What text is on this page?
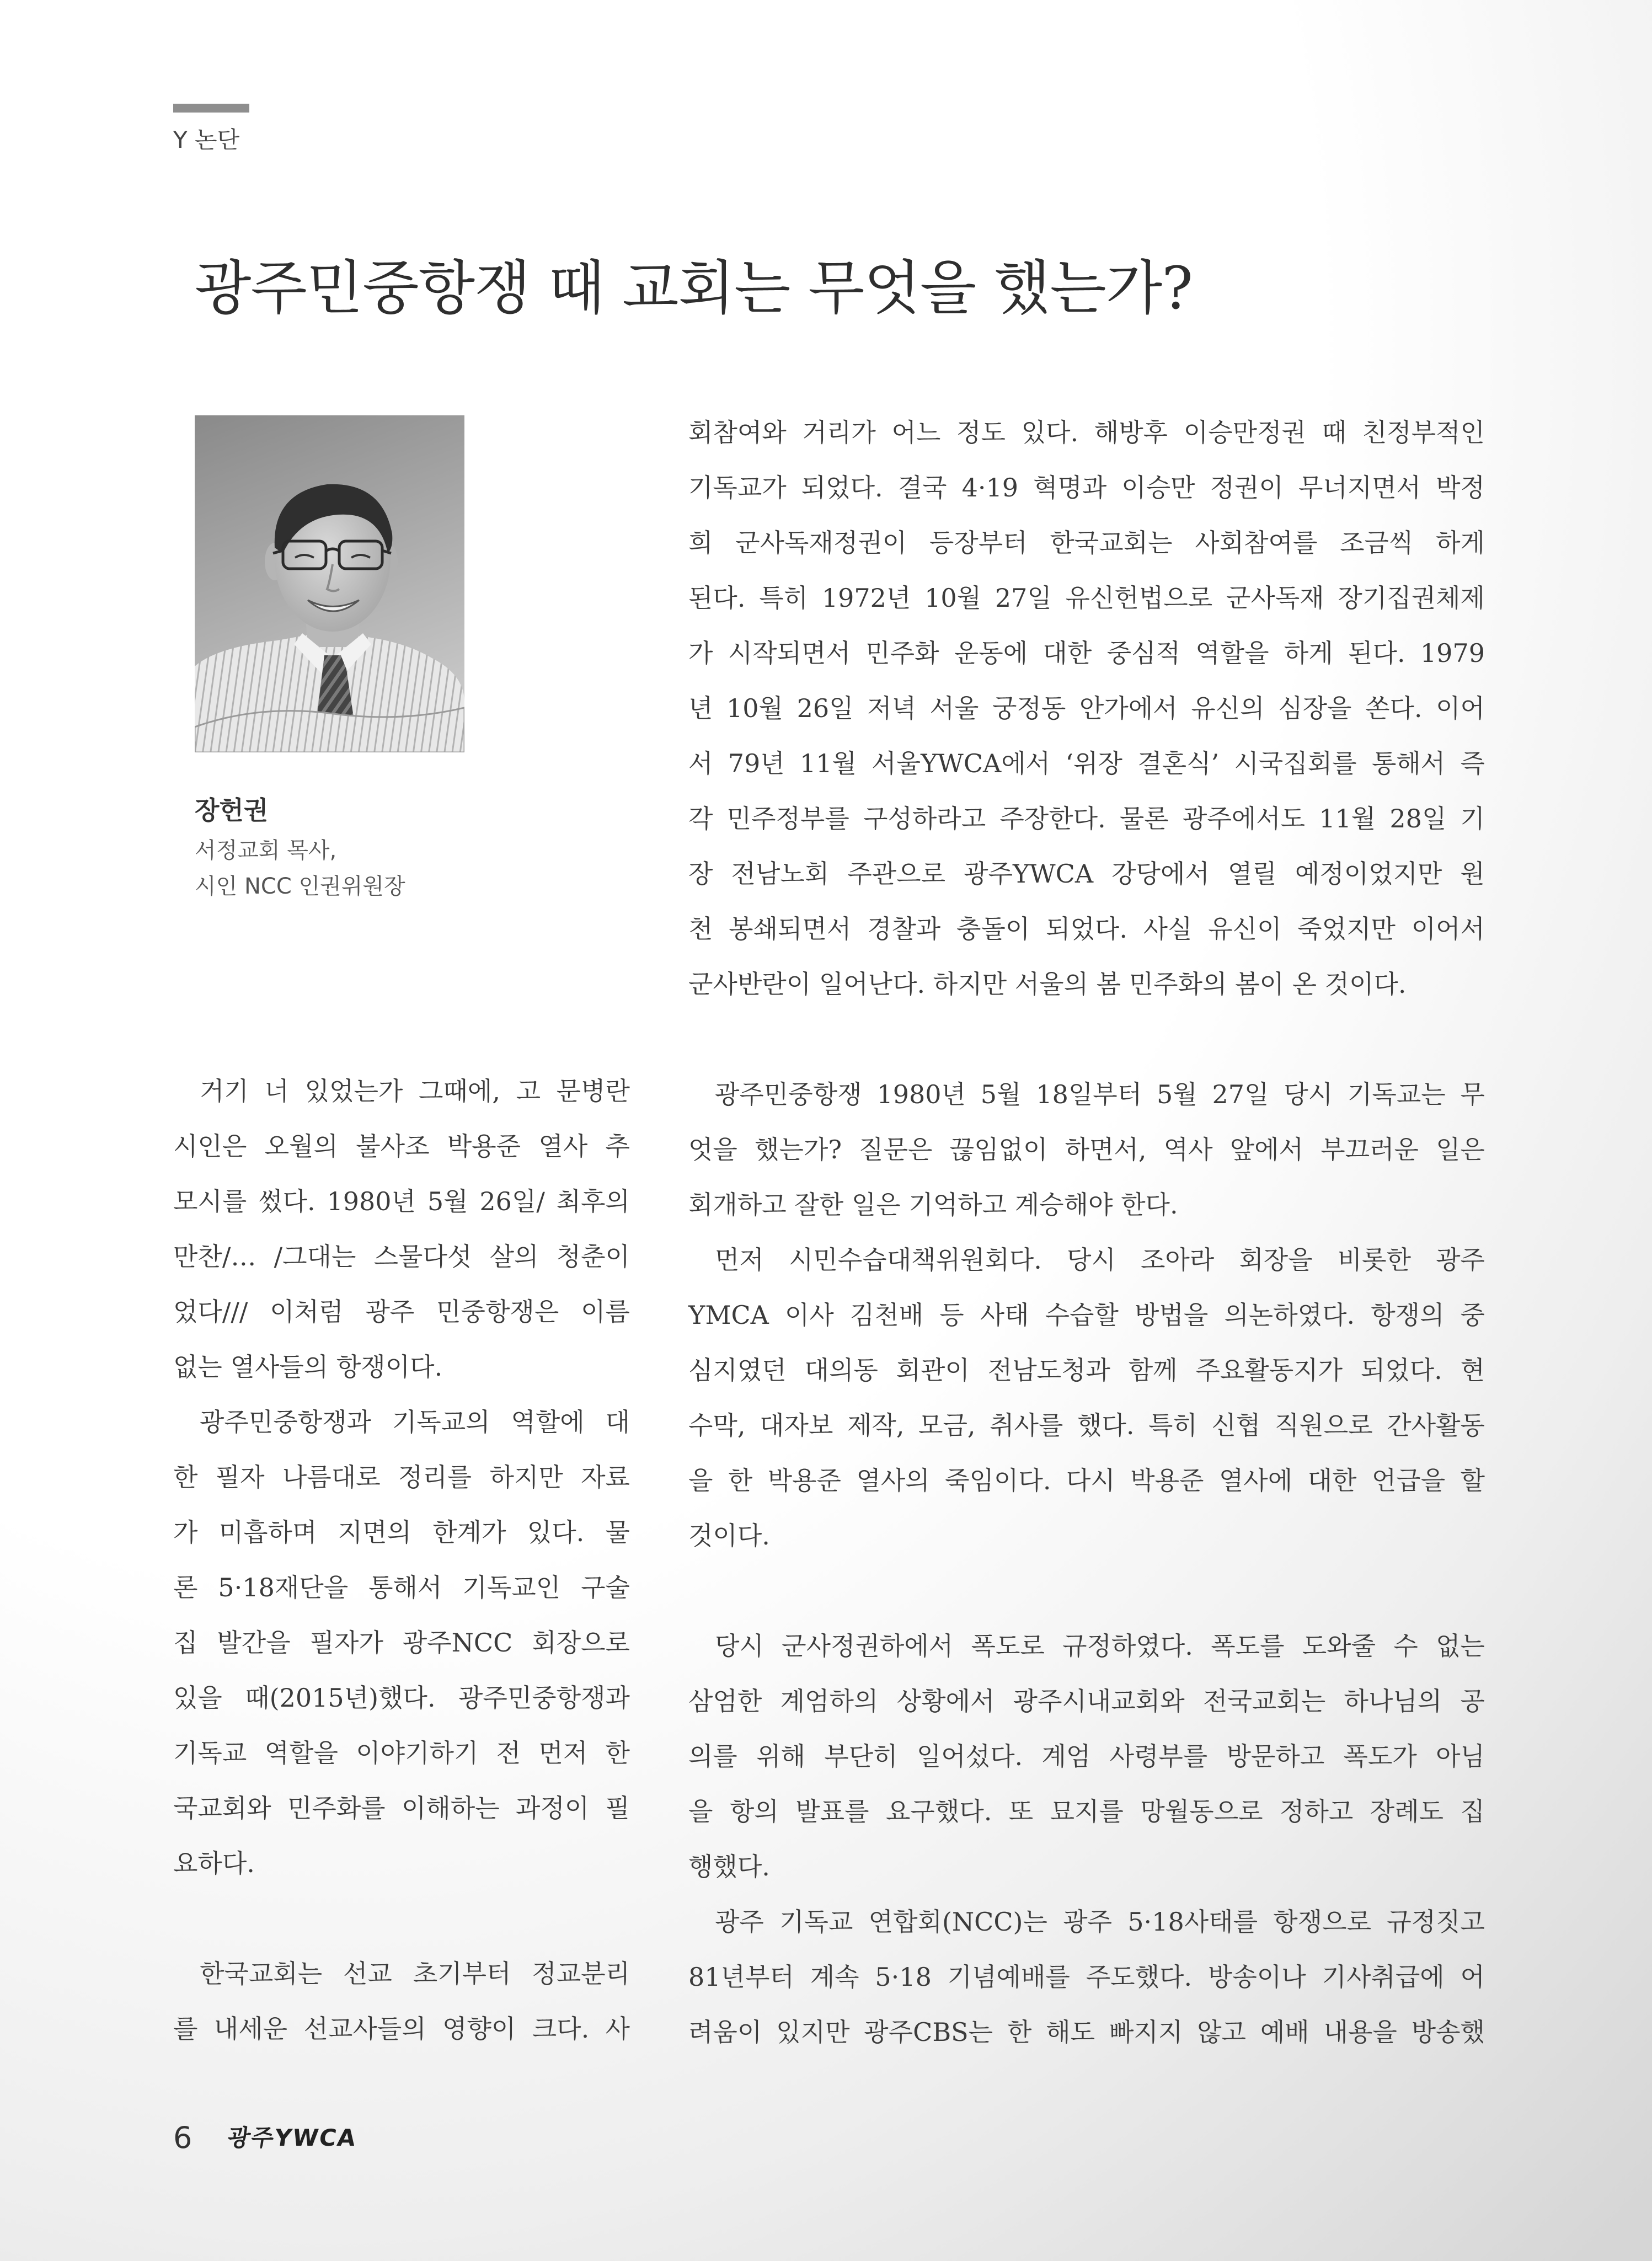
Y 논단
광주민중항쟁 때 교회는 무엇을 했는가?
장헌권
서정교회 목사,
시인 NCC 인권위원장
거기 너 있었는가 그때에, 고 문병란
시인은 오월의 불사조 박용준 열사 추
모시를 썼다. 1980년 5월 26일/ 최후의
만찬/… /그대는 스물다섯 살의 청춘이
었다/// 이처럼 광주 민중항쟁은 이름
없는 열사들의 항쟁이다.
광주민중항쟁과 기독교의 역할에 대
한 필자 나름대로 정리를 하지만 자료
가 미흡하며 지면의 한계가 있다. 물
론 5·18재단을 통해서 기독교인 구술
집 발간을 필자가 광주NCC 회장으로
있을 때(2015년)했다. 광주민중항쟁과
기독교 역할을 이야기하기 전 먼저 한
국교회와 민주화를 이해하는 과정이 필
요하다.
한국교회는 선교 초기부터 정교분리
를 내세운 선교사들의 영향이 크다. 사
회참여와 거리가 어느 정도 있다. 해방후 이승만정권 때 친정부적인
기독교가 되었다. 결국 4·19 혁명과 이승만 정권이 무너지면서 박정
희 군사독재정권이 등장부터 한국교회는 사회참여를 조금씩 하게
된다. 특히 1972년 10월 27일 유신헌법으로 군사독재 장기집권체제
가 시작되면서 민주화 운동에 대한 중심적 역할을 하게 된다. 1979
년 10월 26일 저녁 서울 궁정동 안가에서 유신의 심장을 쏜다. 이어
서 79년 11월 서울YWCA에서 ‘위장 결혼식’ 시국집회를 통해서 즉
각 민주정부를 구성하라고 주장한다. 물론 광주에서도 11월 28일 기
장 전남노회 주관으로 광주YWCA 강당에서 열릴 예정이었지만 원
천 봉쇄되면서 경찰과 충돌이 되었다. 사실 유신이 죽었지만 이어서
군사반란이 일어난다. 하지만 서울의 봄 민주화의 봄이 온 것이다.
광주민중항쟁 1980년 5월 18일부터 5월 27일 당시 기독교는 무
엇을 했는가? 질문은 끊임없이 하면서, 역사 앞에서 부끄러운 일은
회개하고 잘한 일은 기억하고 계승해야 한다.
먼저 시민수습대책위원회다. 당시 조아라 회장을 비롯한 광주
YMCA 이사 김천배 등 사태 수습할 방법을 의논하였다. 항쟁의 중
심지였던 대의동 회관이 전남도청과 함께 주요활동지가 되었다. 현
수막, 대자보 제작, 모금, 취사를 했다. 특히 신협 직원으로 간사활동
을 한 박용준 열사의 죽임이다. 다시 박용준 열사에 대한 언급을 할
것이다.
당시 군사정권하에서 폭도로 규정하였다. 폭도를 도와줄 수 없는
삼엄한 계엄하의 상황에서 광주시내교회와 전국교회는 하나님의 공
의를 위해 부단히 일어섰다. 계엄 사령부를 방문하고 폭도가 아님
을 항의 발표를 요구했다. 또 묘지를 망월동으로 정하고 장례도 집
행했다.
광주 기독교 연합회(NCC)는 광주 5·18사태를 항쟁으로 규정짓고
81년부터 계속 5·18 기념예배를 주도했다. 방송이나 기사취급에 어
려움이 있지만 광주CBS는 한 해도 빠지지 않고 예배 내용을 방송했
6 광주YWCA
